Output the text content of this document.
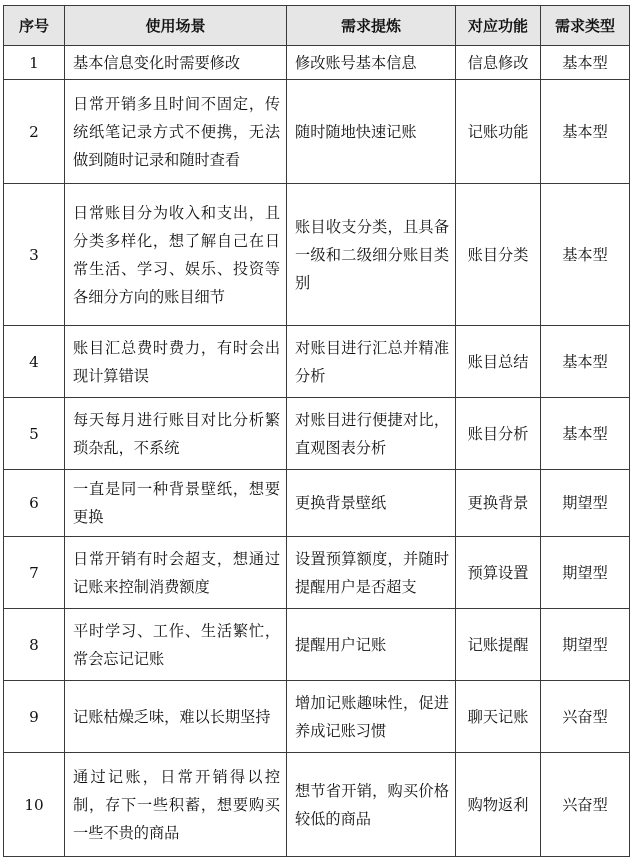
序号	使用场景	需求提炼	对应功能	需求类型
1	基本信息变化时需要修改	修改账号基本信息	信息修改	基本型
2	日常开销多且时间不固定，传统纸笔记录方式不便携，无法做到随时记录和随时查看	随时随地快速记账	记账功能	基本型
3	日常账目分为收入和支出，且分类多样化，想了解自己在日常生活、学习、娱乐、投资等各细分方向的账目细节	账目收支分类，且具备一级和二级细分账目类别	账目分类	基本型
4	账目汇总费时费力，有时会出现计算错误	对账目进行汇总并精准分析	账目总结	基本型
5	每天每月进行账目对比分析繁琐杂乱，不系统	对账目进行便捷对比，直观图表分析	账目分析	基本型
6	一直是同一种背景壁纸，想要更换	更换背景壁纸	更换背景	期望型
7	日常开销有时会超支，想通过记账来控制消费额度	设置预算额度，并随时提醒用户是否超支	预算设置	期望型
8	平时学习、工作、生活繁忙，常会忘记记账	提醒用户记账	记账提醒	期望型
9	记账枯燥乏味，难以长期坚持	增加记账趣味性，促进养成记账习惯	聊天记账	兴奋型
10	通过记账，日常开销得以控制，存下一些积蓄，想要购买一些不贵的商品	想节省开销，购买价格较低的商品	购物返利	兴奋型
